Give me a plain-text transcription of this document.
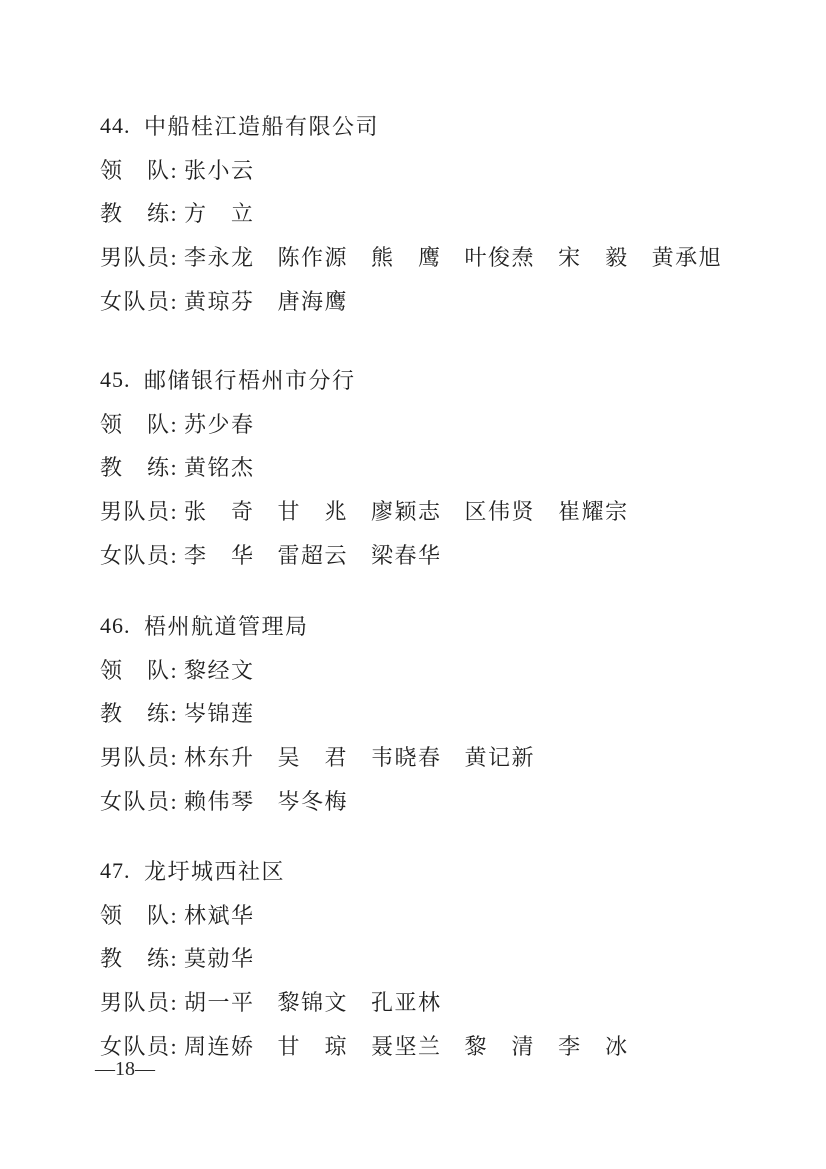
44. 中船桂江造船有限公司
领　队: 张小云
教　练: 方　立
男队员: 李永龙 陈作源 熊　鹰 叶俊焘 宋　毅 黄承旭
女队员: 黄琼芬 唐海鹰
45. 邮储银行梧州市分行
领　队: 苏少春
教　练: 黄铭杰
男队员: 张　奇 甘　兆 廖颖志 区伟贤 崔耀宗
女队员: 李　华 雷超云 梁春华
46. 梧州航道管理局
领　队: 黎经文
教　练: 岑锦莲
男队员: 林东升 吴　君 韦晓春 黄记新
女队员: 赖伟琴 岑冬梅
47. 龙圩城西社区
领　队: 林斌华
教　练: 莫勍华
男队员: 胡一平 黎锦文 孔亚林
女队员: 周连娇 甘　琼 聂坚兰 黎　清 李　冰
—18—
